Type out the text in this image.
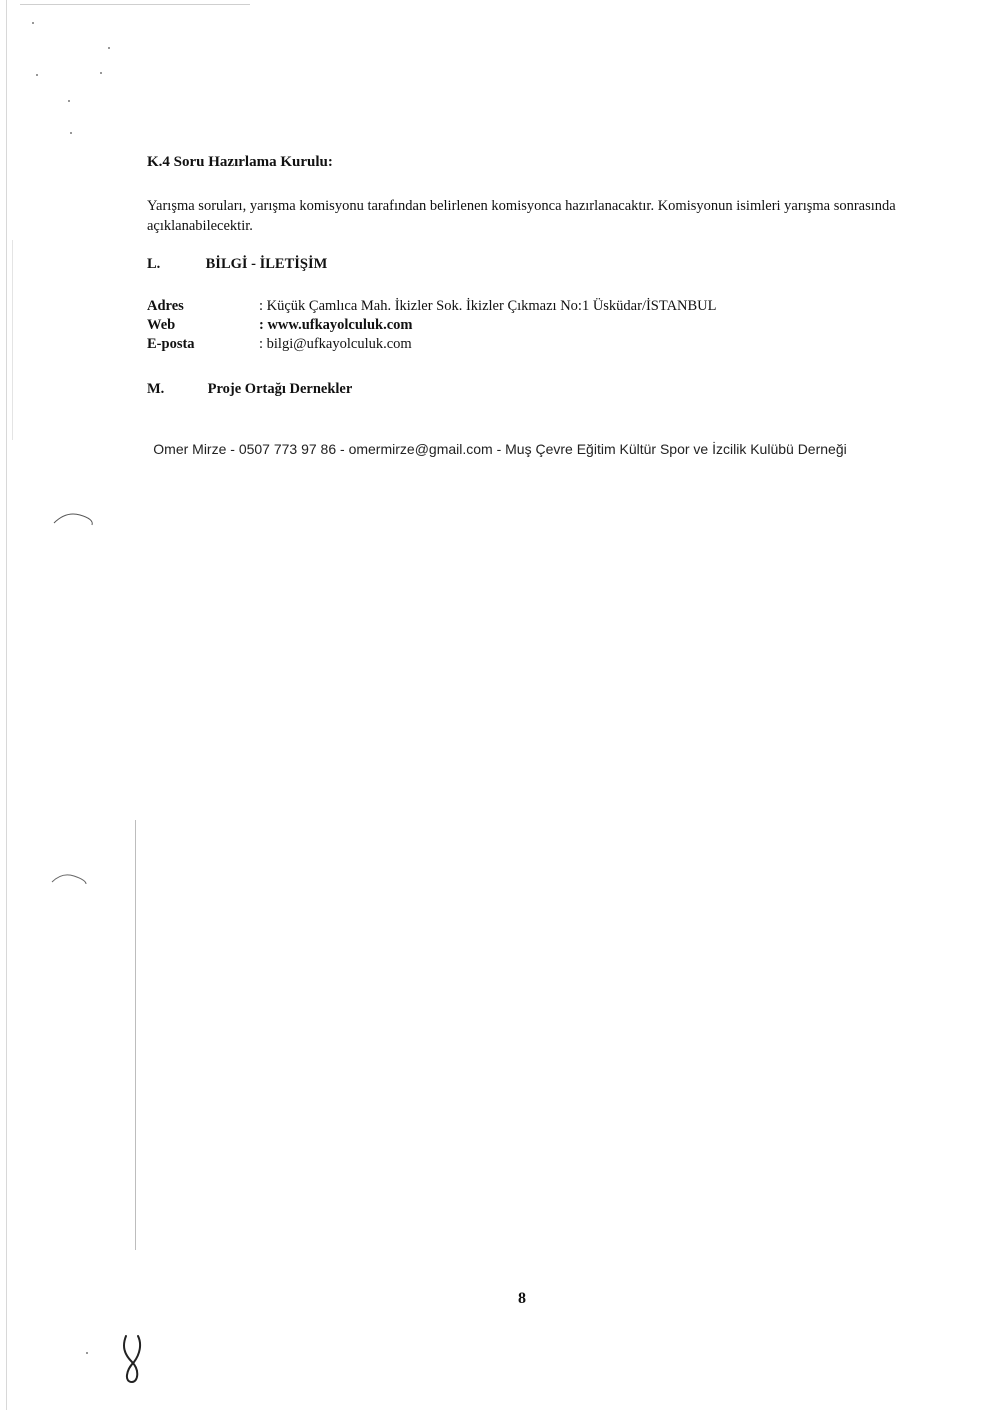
K.4 Soru Hazırlama Kurulu:
Yarışma soruları, yarışma komisyonu tarafından belirlenen komisyonca hazırlanacaktır. Komisyonun isimleri yarışma sonrasında açıklanabilecektir.
L.	BİLGİ - İLETİŞİM
Adres	: Küçük Çamlıca Mah. İkizler Sok. İkizler Çıkmazı No:1 Üsküdar/İSTANBUL
Web	: www.ufkayolculuk.com
E-posta	: bilgi@ufkayolculuk.com
M.	Proje Ortağı Dernekler
Omer Mirze - 0507 773 97 86 - omermirze@gmail.com - Muş Çevre Eğitim Kültür Spor ve İzcilik Kulübü Derneği
8
